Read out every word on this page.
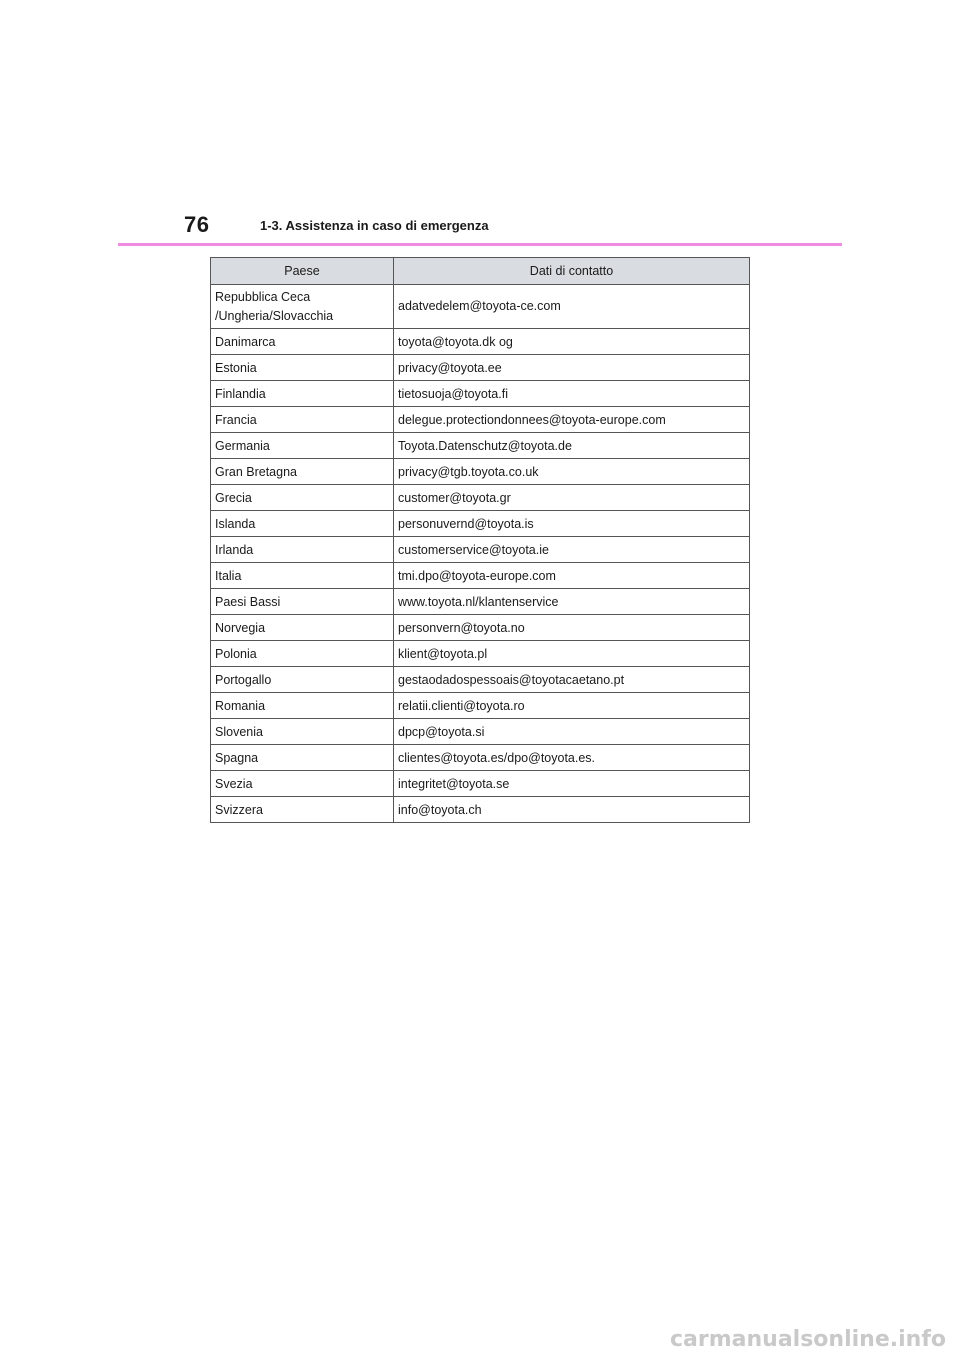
76	1-3. Assistenza in caso di emergenza
Paese	Dati di contatto
Repubblica Ceca
/Ungheria/Slovacchia	adatvedelem@toyota-ce.com
Danimarca	toyota@toyota.dk og
Estonia	privacy@toyota.ee
Finlandia	tietosuoja@toyota.fi
Francia	delegue.protectiondonnees@toyota-europe.com
Germania	Toyota.Datenschutz@toyota.de
Gran Bretagna	privacy@tgb.toyota.co.uk
Grecia	customer@toyota.gr
Islanda	personuvernd@toyota.is
Irlanda	customerservice@toyota.ie
Italia	tmi.dpo@toyota-europe.com
Paesi Bassi	www.toyota.nl/klantenservice
Norvegia	personvern@toyota.no
Polonia	klient@toyota.pl
Portogallo	gestaodadospessoais@toyotacaetano.pt
Romania	relatii.clienti@toyota.ro
Slovenia	dpcp@toyota.si
Spagna	clientes@toyota.es/dpo@toyota.es.
Svezia	integritet@toyota.se
Svizzera	info@toyota.ch
carmanualsonline.info
